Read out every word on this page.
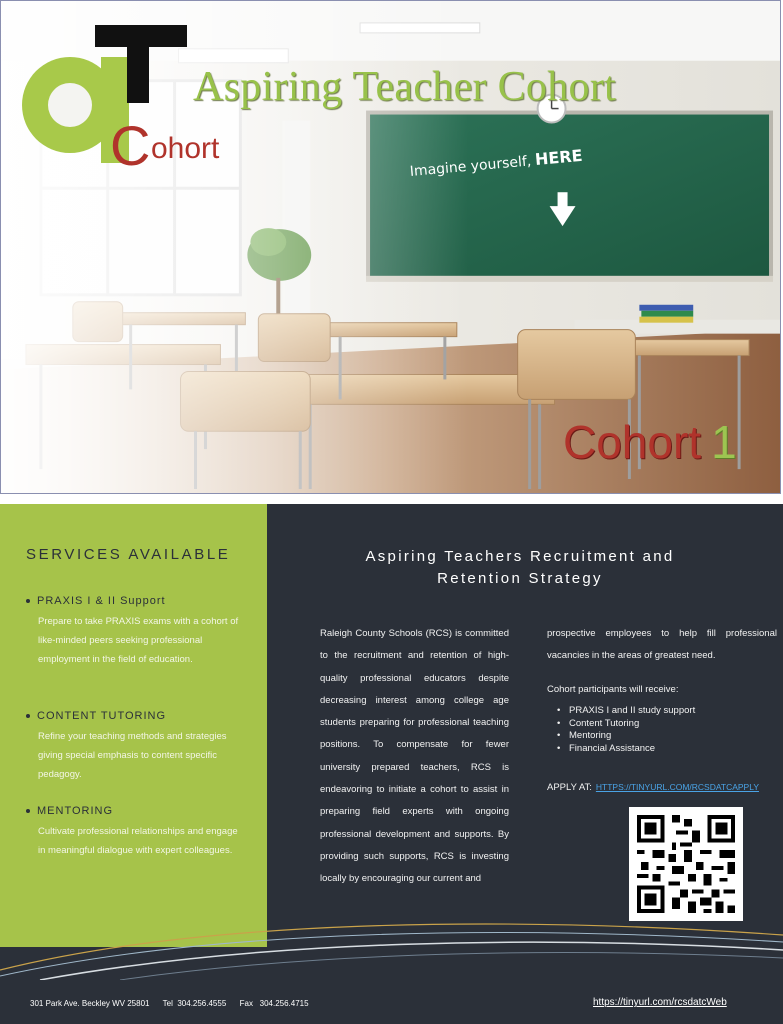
C ohort
Aspiring Teacher Cohort
Imagine yourself, HERE
Cohort 1
SERVICES AVAILABLE
PRAXIS I & II Support
Prepare to take PRAXIS exams with a cohort of like-minded peers seeking professional employment in the field of education.
CONTENT TUTORING
Refine your teaching methods and strategies giving special emphasis to content specific pedagogy.
MENTORING
Cultivate professional relationships and engage in meaningful dialogue with expert colleagues.
Aspiring Teachers Recruitment and Retention Strategy
Raleigh County Schools (RCS) is committed to the recruitment and retention of high-quality professional educators despite decreasing interest among college age students preparing for professional teaching positions. To compensate for fewer university prepared teachers, RCS is endeavoring to initiate a cohort to assist in preparing field experts with ongoing professional development and supports. By providing such supports, RCS is investing locally by encouraging our current and

prospective employees to help fill professional vacancies in the areas of greatest need.

Cohort participants will receive:

• PRAXIS I and II study support
• Content Tutoring
• Mentoring
• Financial Assistance
APPLY AT: HTTPS://TINYURL.COM/RCSDATCAPPLY
301 Park Ave. Beckley WV 25801      Tel  304.256.4555      Fax   304.256.4715	https://tinyurl.com/rcsdatcWeb
